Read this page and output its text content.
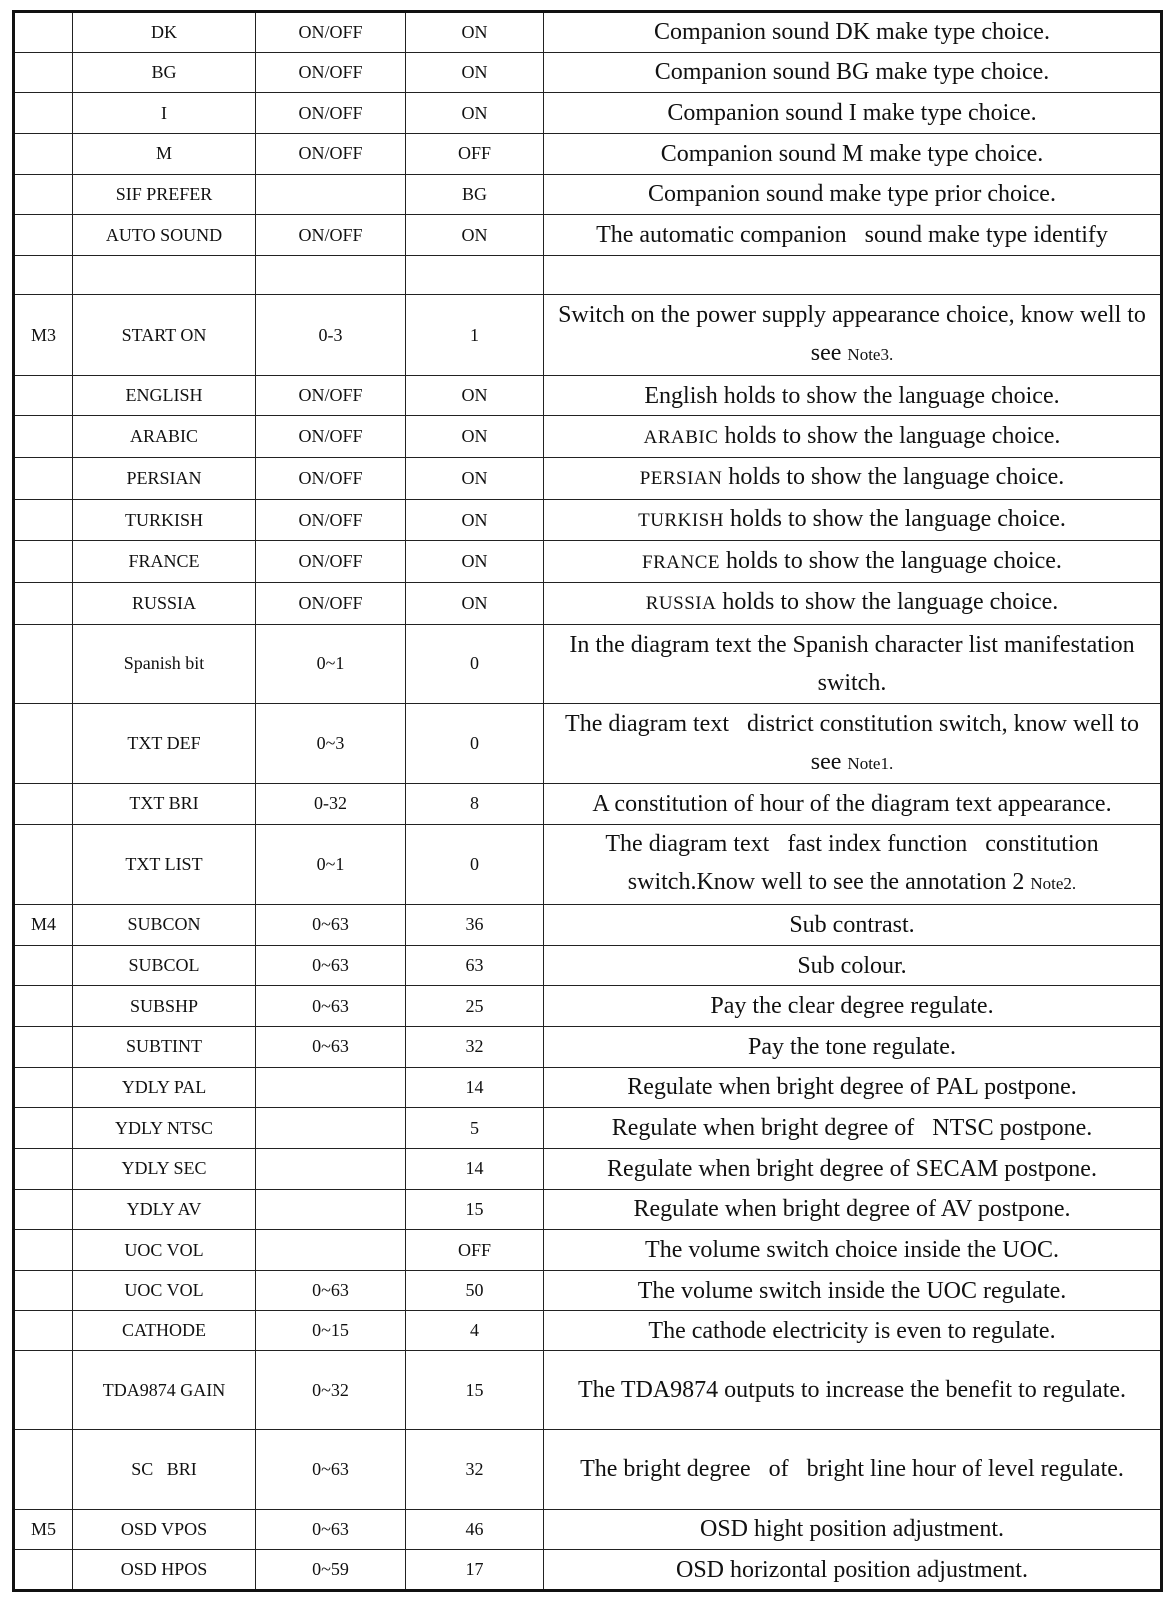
	DK	ON/OFF	ON	Companion sound DK make type choice.
	BG	ON/OFF	ON	Companion sound BG make type choice.
	I	ON/OFF	ON	Companion sound I make type choice.
	M	ON/OFF	OFF	Companion sound M make type choice.
	SIF PREFER		BG	Companion sound make type prior choice.
	AUTO SOUND	ON/OFF	ON	The automatic companion   sound make type identify

M3	START ON	0-3	1	Switch on the power supply appearance choice, know well to see Note3.
	ENGLISH	ON/OFF	ON	English holds to show the language choice.
	ARABIC	ON/OFF	ON	ARABIC holds to show the language choice.
	PERSIAN	ON/OFF	ON	PERSIAN holds to show the language choice.
	TURKISH	ON/OFF	ON	TURKISH holds to show the language choice.
	FRANCE	ON/OFF	ON	FRANCE holds to show the language choice.
	RUSSIA	ON/OFF	ON	RUSSIA holds to show the language choice.
	Spanish bit	0~1	0	In the diagram text the Spanish character list manifestation switch.
	TXT DEF	0~3	0	The diagram text   district constitution switch, know well to see Note1.
	TXT BRI	0-32	8	A constitution of hour of the diagram text appearance.
	TXT LIST	0~1	0	The diagram text   fast index function   constitution switch.Know well to see the annotation 2 Note2.
M4	SUBCON	0~63	36	Sub contrast.
	SUBCOL	0~63	63	Sub colour.
	SUBSHP	0~63	25	Pay the clear degree regulate.
	SUBTINT	0~63	32	Pay the tone regulate.
	YDLY PAL		14	Regulate when bright degree of PAL postpone.
	YDLY NTSC		5	Regulate when bright degree of   NTSC postpone.
	YDLY SEC		14	Regulate when bright degree of SECAM postpone.
	YDLY AV		15	Regulate when bright degree of AV postpone.
	UOC VOL		OFF	The volume switch choice inside the UOC.
	UOC VOL	0~63	50	The volume switch inside the UOC regulate.
	CATHODE	0~15	4	The cathode electricity is even to regulate.
	TDA9874 GAIN	0~32	15	The TDA9874 outputs to increase the benefit to regulate.
	SC   BRI	0~63	32	The bright degree   of   bright line hour of level regulate.
M5	OSD VPOS	0~63	46	OSD hight position adjustment.
	OSD HPOS	0~59	17	OSD horizontal position adjustment.
